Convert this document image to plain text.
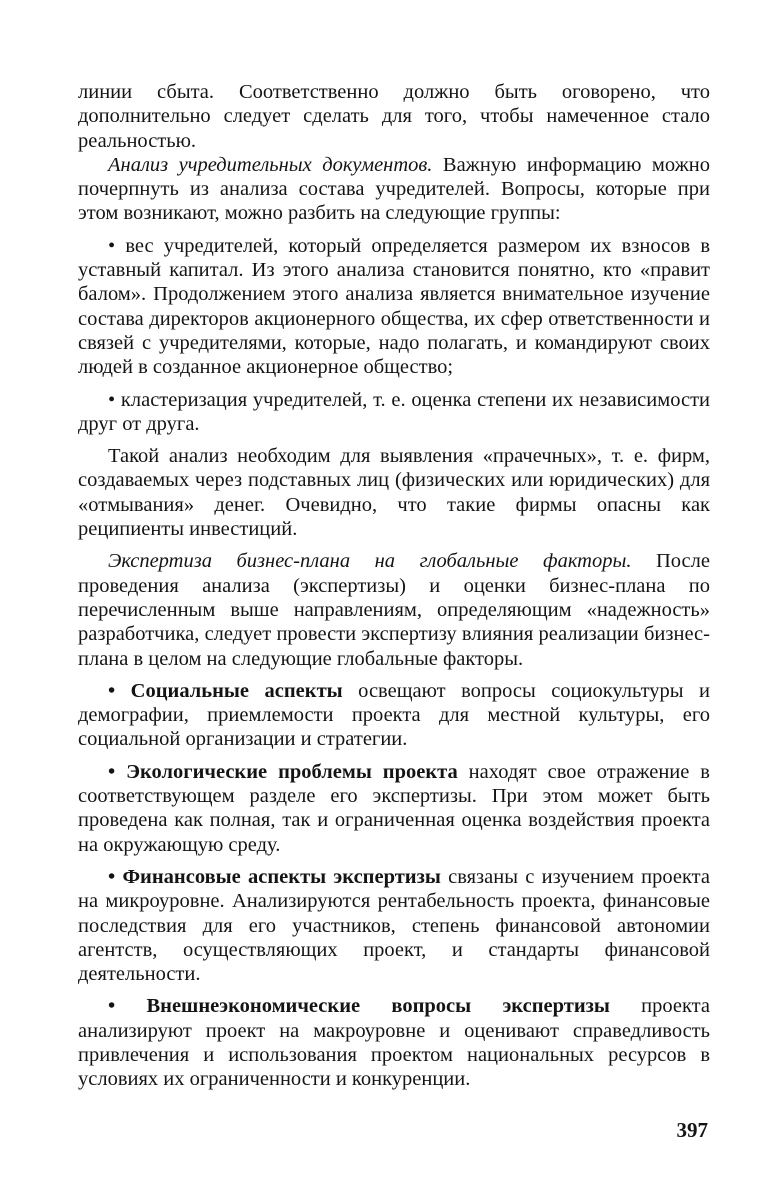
линии сбыта. Соответственно должно быть оговорено, что дополнительно следует сделать для того, чтобы намеченное стало реальностью.

Анализ учредительных документов. Важную информацию можно почерпнуть из анализа состава учредителей. Вопросы, которые при этом возникают, можно разбить на следующие группы:

• вес учредителей, который определяется размером их взносов в уставный капитал. Из этого анализа становится понятно, кто «правит балом». Продолжением этого анализа является внимательное изучение состава директоров акционерного общества, их сфер ответственности и связей с учредителями, которые, надо полагать, и командируют своих людей в созданное акционерное общество;

• кластеризация учредителей, т. е. оценка степени их независимости друг от друга.

Такой анализ необходим для выявления «прачечных», т. е. фирм, создаваемых через подставных лиц (физических или юридических) для «отмывания» денег. Очевидно, что такие фирмы опасны как реципиенты инвестиций.

Экспертиза бизнес-плана на глобальные факторы. После проведения анализа (экспертизы) и оценки бизнес-плана по перечисленным выше направлениям, определяющим «надежность» разработчика, следует провести экспертизу влияния реализации бизнес-плана в целом на следующие глобальные факторы.

• Социальные аспекты освещают вопросы социокультуры и демографии, приемлемости проекта для местной культуры, его социальной организации и стратегии.

• Экологические проблемы проекта находят свое отражение в соответствующем разделе его экспертизы. При этом может быть проведена как полная, так и ограниченная оценка воздействия проекта на окружающую среду.

• Финансовые аспекты экспертизы связаны с изучением проекта на микроуровне. Анализируются рентабельность проекта, финансовые последствия для его участников, степень финансовой автономии агентств, осуществляющих проект, и стандарты финансовой деятельности.

• Внешнеэкономические вопросы экспертизы проекта анализируют проект на макроуровне и оценивают справедливость привлечения и использования проектом национальных ресурсов в условиях их ограниченности и конкуренции.

397
